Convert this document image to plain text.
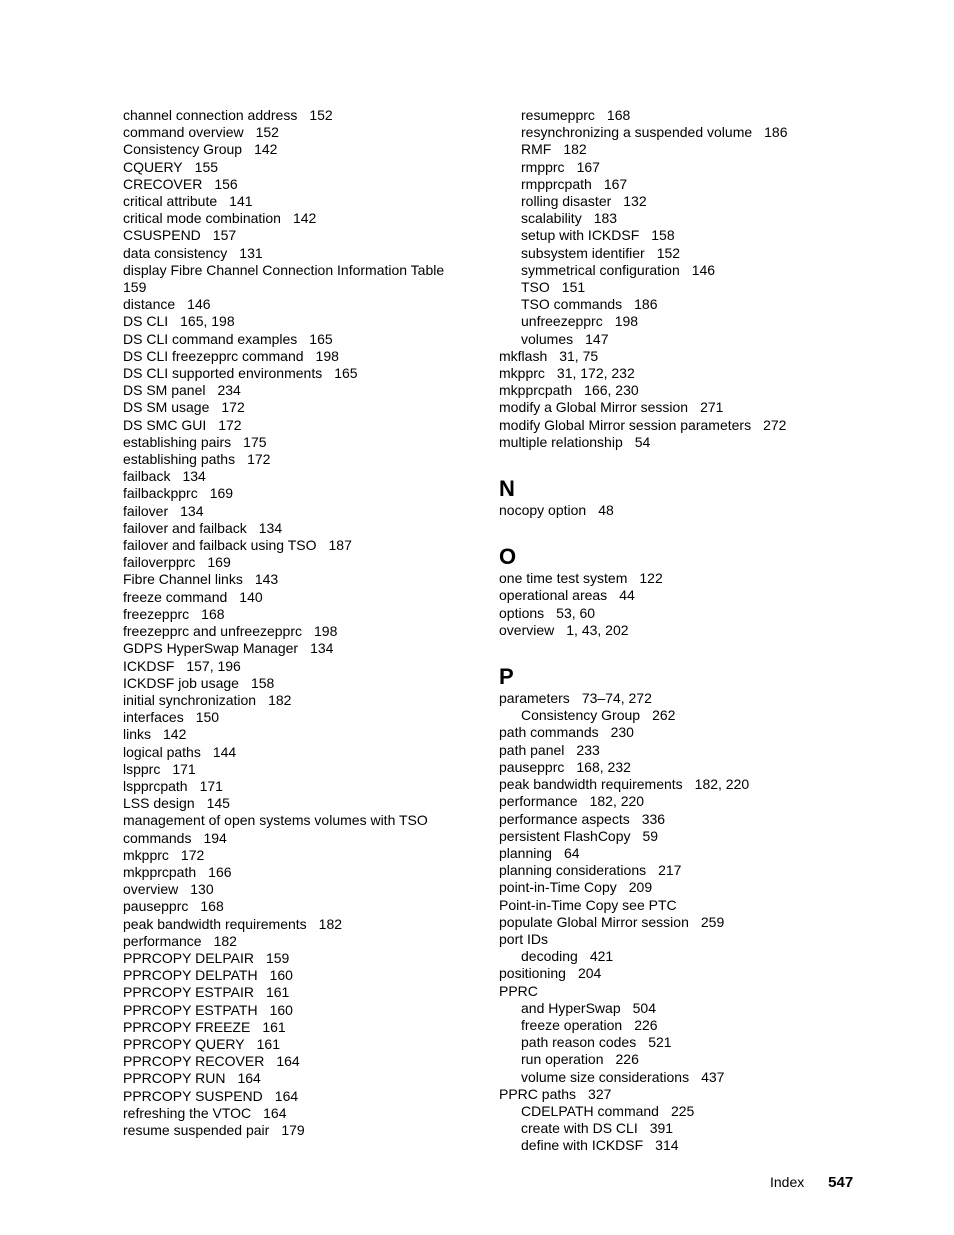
channel connection address 152
command overview 152
Consistency Group 142
CQUERY 155
CRECOVER 156
critical attribute 141
critical mode combination 142
CSUSPEND 157
data consistency 131
display Fibre Channel Connection Information Table
159
distance 146
DS CLI 165, 198
DS CLI command examples 165
DS CLI freezepprc command 198
DS CLI supported environments 165
DS SM panel 234
DS SM usage 172
DS SMC GUI 172
establishing pairs 175
establishing paths 172
failback 134
failbackpprc 169
failover 134
failover and failback 134
failover and failback using TSO 187
failoverpprc 169
Fibre Channel links 143
freeze command 140
freezepprc 168
freezepprc and unfreezepprc 198
GDPS HyperSwap Manager 134
ICKDSF 157, 196
ICKDSF job usage 158
initial synchronization 182
interfaces 150
links 142
logical paths 144
lspprc 171
lspprcpath 171
LSS design 145
management of open systems volumes with TSO
commands 194
mkpprc 172
mkpprcpath 166
overview 130
pausepprc 168
peak bandwidth requirements 182
performance 182
PPRCOPY DELPAIR 159
PPRCOPY DELPATH 160
PPRCOPY ESTPAIR 161
PPRCOPY ESTPATH 160
PPRCOPY FREEZE 161
PPRCOPY QUERY 161
PPRCOPY RECOVER 164
PPRCOPY RUN 164
PPRCOPY SUSPEND 164
refreshing the VTOC 164
resume suspended pair 179
resumepprc 168
resynchronizing a suspended volume 186
RMF 182
rmpprc 167
rmpprcpath 167
rolling disaster 132
scalability 183
setup with ICKDSF 158
subsystem identifier 152
symmetrical configuration 146
TSO 151
TSO commands 186
unfreezepprc 198
volumes 147
mkflash 31, 75
mkpprc 31, 172, 232
mkpprcpath 166, 230
modify a Global Mirror session 271
modify Global Mirror session parameters 272
multiple relationship 54
N
nocopy option 48
O
one time test system 122
operational areas 44
options 53, 60
overview 1, 43, 202
P
parameters 73–74, 272
Consistency Group 262
path commands 230
path panel 233
pausepprc 168, 232
peak bandwidth requirements 182, 220
performance 182, 220
performance aspects 336
persistent FlashCopy 59
planning 64
planning considerations 217
point-in-Time Copy 209
Point-in-Time Copy see PTC
populate Global Mirror session 259
port IDs
decoding 421
positioning 204
PPRC
and HyperSwap 504
freeze operation 226
path reason codes 521
run operation 226
volume size considerations 437
PPRC paths 327
CDELPATH command 225
create with DS CLI 391
define with ICKDSF 314
Index 547
